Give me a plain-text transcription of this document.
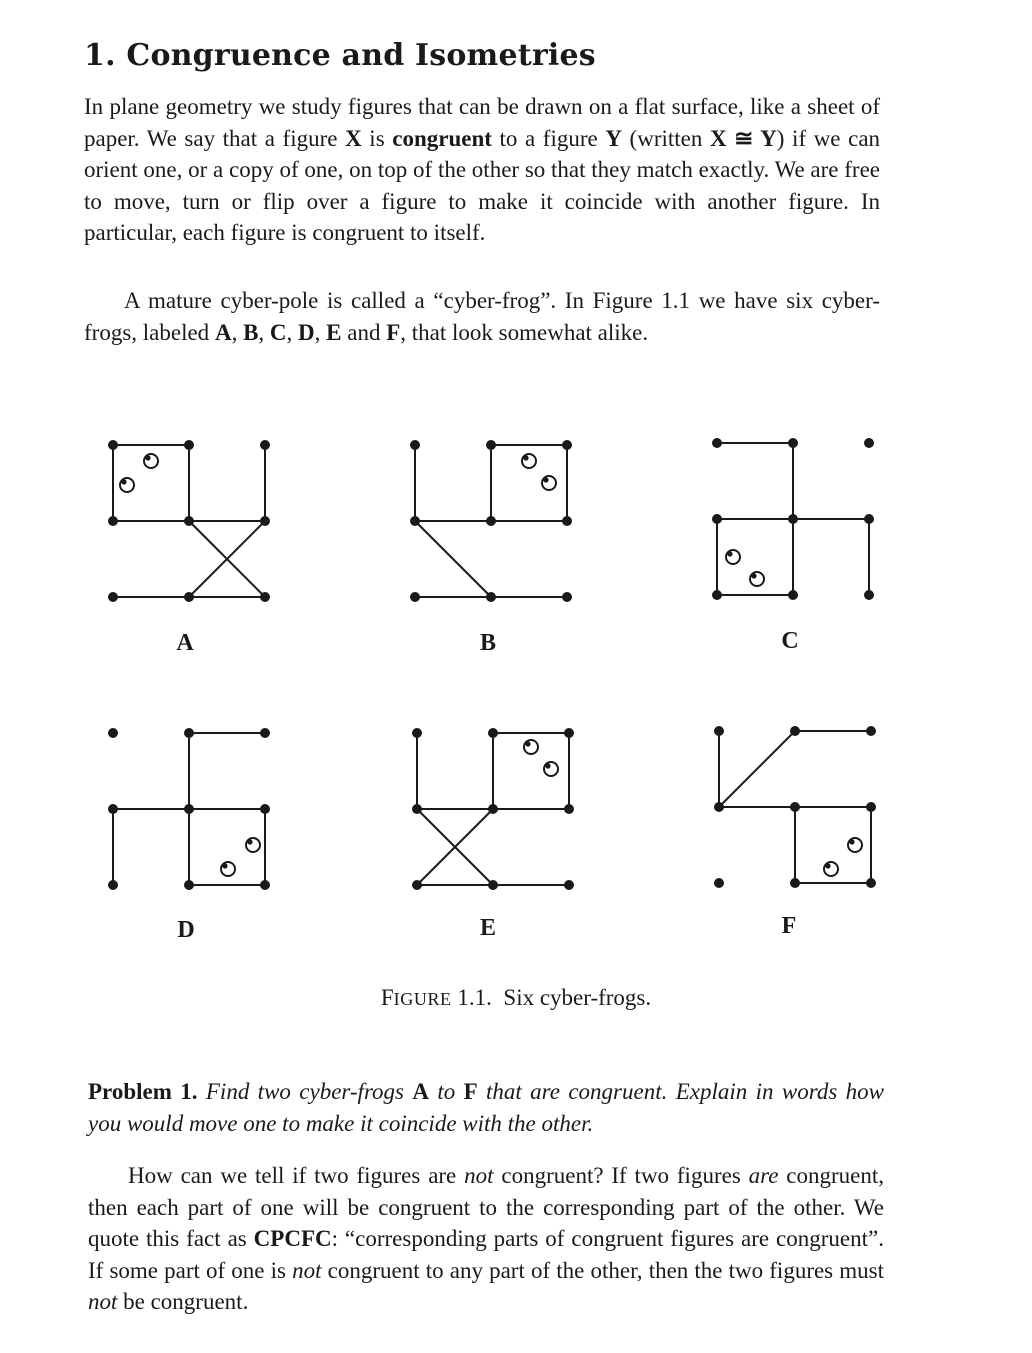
1. Congruence and Isometries

In plane geometry we study figures that can be drawn on a flat surface, like a sheet of paper. We say that a figure X is congruent to a figure Y (written X ≅ Y) if we can orient one, or a copy of one, on top of the other so that they match exactly. We are free to move, turn or flip over a figure to make it coincide with another figure. In particular, each figure is congruent to itself.

A mature cyber-pole is called a “cyber-frog”. In Figure 1.1 we have six cyber-frogs, labeled A, B, C, D, E and F, that look somewhat alike.

A	B	C
D	E	F
FIGURE 1.1.  Six cyber-frogs.

Problem 1. Find two cyber-frogs A to F that are congruent. Explain in words how you would move one to make it coincide with the other.

How can we tell if two figures are not congruent? If two figures are congruent, then each part of one will be congruent to the corresponding part of the other. We quote this fact as CPCFC: “corresponding parts of congruent figures are congruent”. If some part of one is not congruent to any part of the other, then the two figures must not be congruent.
